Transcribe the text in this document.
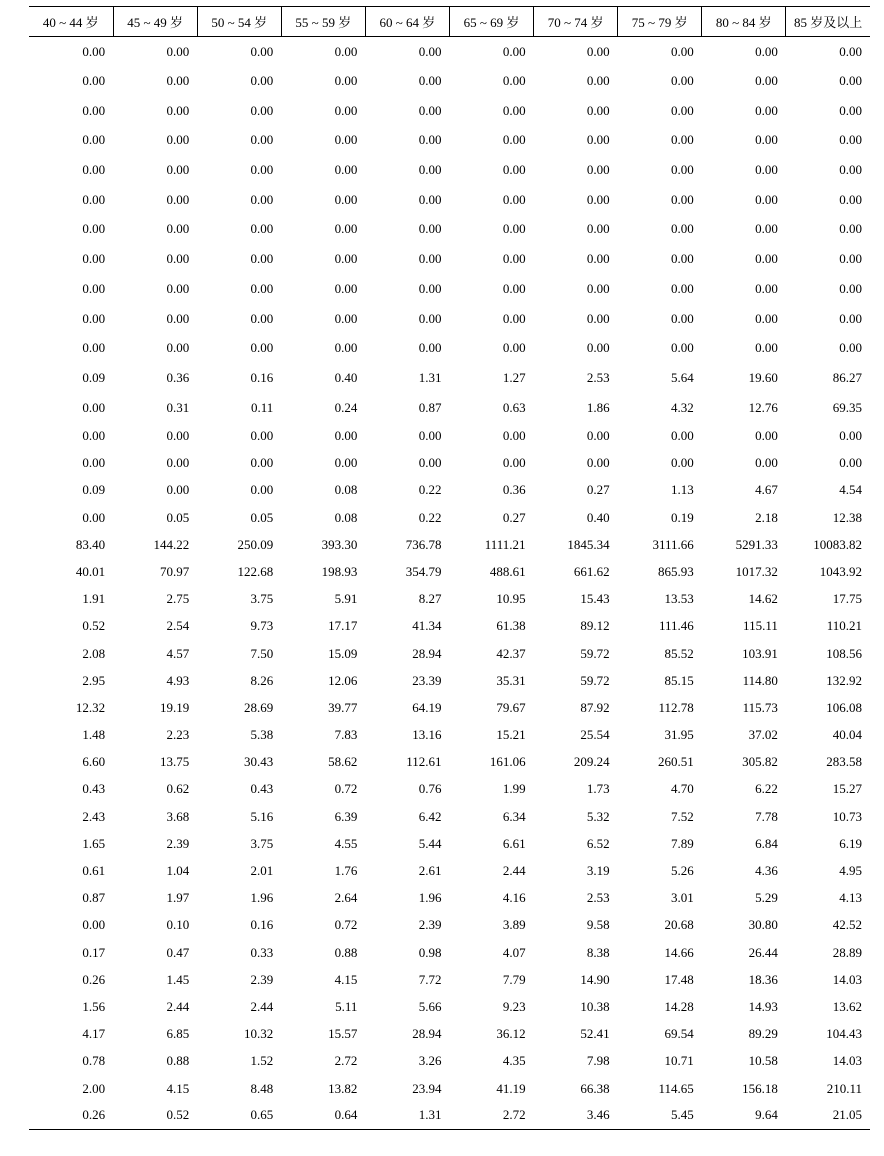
40 ~ 44 岁	45 ~ 49 岁	50 ~ 54 岁	55 ~ 59 岁	60 ~ 64 岁	65 ~ 69 岁	70 ~ 74 岁	75 ~ 79 岁	80 ~ 84 岁	85 岁及以上
0.00	0.00	0.00	0.00	0.00	0.00	0.00	0.00	0.00	0.00
0.00	0.00	0.00	0.00	0.00	0.00	0.00	0.00	0.00	0.00
0.00	0.00	0.00	0.00	0.00	0.00	0.00	0.00	0.00	0.00
0.00	0.00	0.00	0.00	0.00	0.00	0.00	0.00	0.00	0.00
0.00	0.00	0.00	0.00	0.00	0.00	0.00	0.00	0.00	0.00
0.00	0.00	0.00	0.00	0.00	0.00	0.00	0.00	0.00	0.00
0.00	0.00	0.00	0.00	0.00	0.00	0.00	0.00	0.00	0.00
0.00	0.00	0.00	0.00	0.00	0.00	0.00	0.00	0.00	0.00
0.00	0.00	0.00	0.00	0.00	0.00	0.00	0.00	0.00	0.00
0.00	0.00	0.00	0.00	0.00	0.00	0.00	0.00	0.00	0.00
0.00	0.00	0.00	0.00	0.00	0.00	0.00	0.00	0.00	0.00
0.09	0.36	0.16	0.40	1.31	1.27	2.53	5.64	19.60	86.27
0.00	0.31	0.11	0.24	0.87	0.63	1.86	4.32	12.76	69.35
0.00	0.00	0.00	0.00	0.00	0.00	0.00	0.00	0.00	0.00
0.00	0.00	0.00	0.00	0.00	0.00	0.00	0.00	0.00	0.00
0.09	0.00	0.00	0.08	0.22	0.36	0.27	1.13	4.67	4.54
0.00	0.05	0.05	0.08	0.22	0.27	0.40	0.19	2.18	12.38
83.40	144.22	250.09	393.30	736.78	1111.21	1845.34	3111.66	5291.33	10083.82
40.01	70.97	122.68	198.93	354.79	488.61	661.62	865.93	1017.32	1043.92
1.91	2.75	3.75	5.91	8.27	10.95	15.43	13.53	14.62	17.75
0.52	2.54	9.73	17.17	41.34	61.38	89.12	111.46	115.11	110.21
2.08	4.57	7.50	15.09	28.94	42.37	59.72	85.52	103.91	108.56
2.95	4.93	8.26	12.06	23.39	35.31	59.72	85.15	114.80	132.92
12.32	19.19	28.69	39.77	64.19	79.67	87.92	112.78	115.73	106.08
1.48	2.23	5.38	7.83	13.16	15.21	25.54	31.95	37.02	40.04
6.60	13.75	30.43	58.62	112.61	161.06	209.24	260.51	305.82	283.58
0.43	0.62	0.43	0.72	0.76	1.99	1.73	4.70	6.22	15.27
2.43	3.68	5.16	6.39	6.42	6.34	5.32	7.52	7.78	10.73
1.65	2.39	3.75	4.55	5.44	6.61	6.52	7.89	6.84	6.19
0.61	1.04	2.01	1.76	2.61	2.44	3.19	5.26	4.36	4.95
0.87	1.97	1.96	2.64	1.96	4.16	2.53	3.01	5.29	4.13
0.00	0.10	0.16	0.72	2.39	3.89	9.58	20.68	30.80	42.52
0.17	0.47	0.33	0.88	0.98	4.07	8.38	14.66	26.44	28.89
0.26	1.45	2.39	4.15	7.72	7.79	14.90	17.48	18.36	14.03
1.56	2.44	2.44	5.11	5.66	9.23	10.38	14.28	14.93	13.62
4.17	6.85	10.32	15.57	28.94	36.12	52.41	69.54	89.29	104.43
0.78	0.88	1.52	2.72	3.26	4.35	7.98	10.71	10.58	14.03
2.00	4.15	8.48	13.82	23.94	41.19	66.38	114.65	156.18	210.11
0.26	0.52	0.65	0.64	1.31	2.72	3.46	5.45	9.64	21.05
